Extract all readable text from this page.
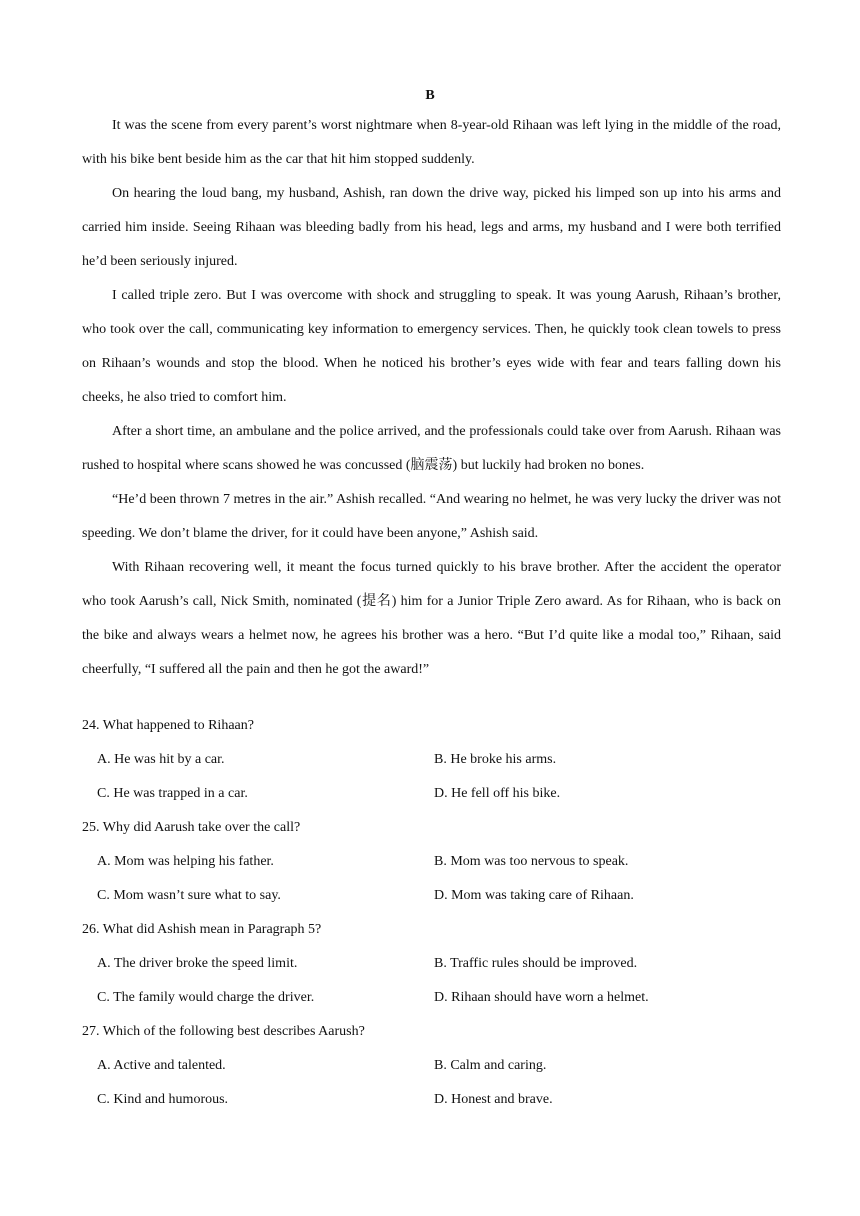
B

It was the scene from every parent’s worst nightmare when 8-year-old Rihaan was left lying in the middle of the road, with his bike bent beside him as the car that hit him stopped suddenly.

On hearing the loud bang, my husband, Ashish, ran down the drive way, picked his limped son up into his arms and carried him inside. Seeing Rihaan was bleeding badly from his head, legs and arms, my husband and I were both terrified he’d been seriously injured.

I called triple zero. But I was overcome with shock and struggling to speak. It was young Aarush, Rihaan’s brother, who took over the call, communicating key information to emergency services. Then, he quickly took clean towels to press on Rihaan’s wounds and stop the blood. When he noticed his brother’s eyes wide with fear and tears falling down his cheeks, he also tried to comfort him.

After a short time, an ambulane and the police arrived, and the professionals could take over from Aarush. Rihaan was rushed to hospital where scans showed he was concussed (脑震荡) but luckily had broken no bones.

“He’d been thrown 7 metres in the air.” Ashish recalled. “And wearing no helmet, he was very lucky the driver was not speeding. We don’t blame the driver, for it could have been anyone,” Ashish said.

With Rihaan recovering well, it meant the focus turned quickly to his brave brother. After the accident the operator who took Aarush’s call, Nick Smith, nominated (提名) him for a Junior Triple Zero award. As for Rihaan, who is back on the bike and always wears a helmet now, he agrees his brother was a hero. “But I’d quite like a modal too,” Rihaan, said cheerfully, “I suffered all the pain and then he got the award!”

24. What happened to Rihaan?
A. He was hit by a car.	B. He broke his arms.
C. He was trapped in a car.	D. He fell off his bike.
25. Why did Aarush take over the call?
A. Mom was helping his father.	B. Mom was too nervous to speak.
C. Mom wasn’t sure what to say.	D. Mom was taking care of Rihaan.
26. What did Ashish mean in Paragraph 5?
A. The driver broke the speed limit.	B. Traffic rules should be improved.
C. The family would charge the driver.	D. Rihaan should have worn a helmet.
27. Which of the following best describes Aarush?
A. Active and talented.	B. Calm and caring.
C. Kind and humorous.	D. Honest and brave.
